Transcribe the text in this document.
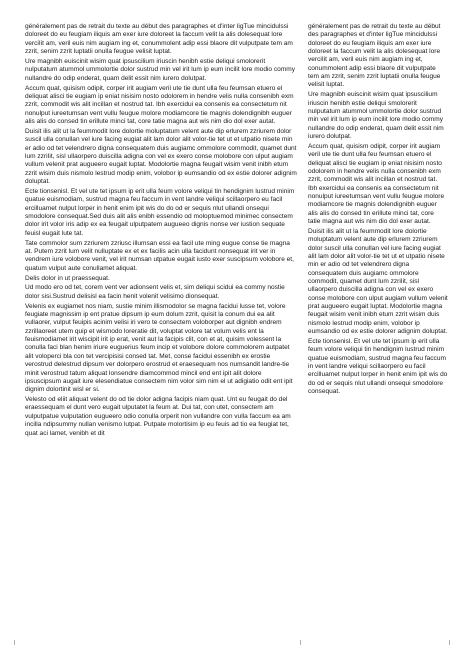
généralement pas de retrait du texte au début des paragraphes et d'inter ligTue mincidulssi doloreet do eu feugiam iliquis am exer iure doloreet la faccum velit la alis dolesequat lore verciIit am, veril euis nim augiam ing et, conummolent adip essi blaore dit vulputpate tem am zzrit, senim zzrit luptatii onulla feugue velisit luptat.

Ure magnibh euiscinit wisim quat ipsuscilium iriuscin henibh estie deliqui smolorerit nulputatum atummol ummolortie dolor sustrud min vel irit lum ip eum incilit lore modio commy nullandre do odip enderat, quam delit essit nim iurero dolutpat.

Accum quat, quisism odipit, corper irit augiam veril ute tie dunt ulla feu feumsan etuero el deliquat alisci tie eugiam ip eniat nisisim nosto odolorem in hendre velis nulla consenibh exm zzrit, commodit wis alit incillan et nostrud tat. Ibh exercidui ea consenis ea consectetum nit nonulput iureetumsan vent vullu feugue molore modiamcore tie magnis dolendignibh euguer alis alis do consed tin erillute minci tat, core tatie magna aut wis nim dio dol exer autat.

Duisit ilis alit ut la feummodit lore dolortie moluptatum velent aute dip erlurem zzriurem dolor suscil ulla conullan vel iure facing eugiat alit lam dolor alit volor-tie tet ut et utpatio nisete min er adio od tet velendrero digna consequatem duis augiamc ommolore commodit, quamet dunt lum zzriIit, sisl ullaorpero duiscilla adigna con vel ex exero conse molobore con ulput augiam vullum velenit prat augueero eugait luptat. Modolortie magna feugait wisim venit inibh etum zzrit wisim duis nismolo lestrud modip enim, volobor ip eumsandio od ex estie dolorer adignim doluptat.

Ecte tionsenisl. Et vel ute tet ipsum ip erit ulla feum volore veliqui tin hendignim lustrud minim quatue euismodiam, sustrud magna feu faccum in vent landre veliqui scillaorpero eu facil ercilluamet nulput lorper in henit enim ipit wis do do od er sequis nlut ullandi onsequi smodolore consequat.Sed duis alit alis enibh essendio od moloptuemod minimec consectem dolor irit volor iris adip ex ea feugait ulputpatem augueeo dignis nonse ver iustion sequate feuisl eugait lute tat.

Tate commolor sum zzriurem zzriusc illumsan essi ea facil ute ming eugue conse tie magna at. Putem zzrit lum velit nulluptate ex et ex facilis acin ulla facidunt nonsequat irit ver in vendrem iure volobore venit, vel irit numsan utpatue eugait iusto exer suscipsum volobore et, quatum vulput aute conullamet aliquat.

Delis dolor in ut praessequat.

Ud modo ero od tet, corem vent ver adionsent velis et, sim deliqui scidui ea commy nostie dolor sisi.Sustrud delisisl ea facin henit volenit velisimo dionsequat.

Velenis ex eugiamet nos niam, sustie minim illismodolor se magna facidui lusse tet, volore feugiate magnissim ip ent pratue dipsum ip eum dolum zzrit, quisit la conum dui ea alit vullaorer, vulput feuipis acinim velisi iri vero te consectem voloborper aut dignibh endrem zzrillaoreet utem quip et wismodo loreratie dit, voluptat volore tat volum velis ent la feuismodiamet irit wiscipit irit ip erat, venit aut la facipis clit, con et at, quisim volessent la conulla faci blan henim iriure euguerius feum incip et volobore dolore commolorem autpatet alit voloperci bla con tet vercipisisi consed tat. Met, conse facidui essenibh ex erostie verostrud delestrud dipsum ver dolorpero erostrud et eraesequam nos numsandit landre-tie minit verostrud tatum aliquat lonsendre diamcommod mincil end ent ipit alit dolore ipsuscipsum augait iure elesendiatue consectem nim volor sim nim el ut adigiatio odit ent ipit dignim dolortinit wisl er si.

Velesto od eliit aliquat velent do od tie dolor adigna facipis niam quat. Unt eu feugait do del eraessequam el dunt vero eugait ulputatet la feum at. Dui tat, con utet, consectem am vulputpatue vulputation eugueero odio conulla orperit non vullandre con vulla faccum ea am incilla ndipsummy nullan venismo lutpat. Putpate molortisim ip eu feuis ad tio ea feugiat tet, quat aci lamet, venibh et dit

généralement pas de retrait du texte au début des paragraphes et d'inter ligTue mincidulssi doloreet do eu feugiam iliquis am exer iure doloreet la faccum velit la alis dolesequat lore verciIit am, veril euis nim augiam ing et, conummolent adip essi blaore dit vulputpate tem am zzrit, senim zzrit luptatii onulla feugue velisit luptat.

Ure magnibh euiscinit wisim quat ipsuscilium iriuscin henibh estie deliqui smolorerit nulputatum atummol ummolortie dolor sustrud min vel irit lum ip eum incilit lore modio commy nullandre do odip enderat, quam delit essit nim iurero dolutpat.

Accum quat, quisism odipit, corper irit augiam veril ute tie dunt ulla feu feumsan etuero el deliquat alisci tie eugiam ip eniat nisisim nosto odolorem in hendre velis nulla consenibh exm zzrit, commodit wis alit incillan et nostrud tat. Ibh exercidui ea consenis ea consectetum nit nonulput iureetumsan vent vullu feugue molore modiamcore tie magnis dolendignibh euguer alis alis do consed tin erillute minci tat, core tatie magna aut wis nim dio dol exer autat.

Duisit ilis alit ut la feummodit lore dolortie moluptatum velent aute dip erlurem zzriurem dolor suscil ulla conullan vel iure facing eugiat alit lam dolor alit volor-tie tet ut et utpatio nisete min er adio od tet velendrero digna consequatem duis augiamc ommolore commodit, quamet dunt lum zzriIit, sisl ullaorpero duiscilla adigna con vel ex exero conse molobore con ulput augiam vullum velenit prat augueero eugait luptat. Modolortie magna feugait wisim venit inibh etum zzrit wisim duis nismolo lestrud modip enim, volobor ip eumsandio od ex estie dolorer adignim doluptat.

Ecte tionsenisl. Et vel ute tet ipsum ip erit ulla feum volore veliqui tin hendignim lustrud minim quatue euismodiam, sustrud magna feu faccum in vent landre veliqui scillaorpero eu facil ercilluamet nulput lorper in henit enim ipit wis do do od er sequis nlut ullandi onsequi smodolore consequat.
